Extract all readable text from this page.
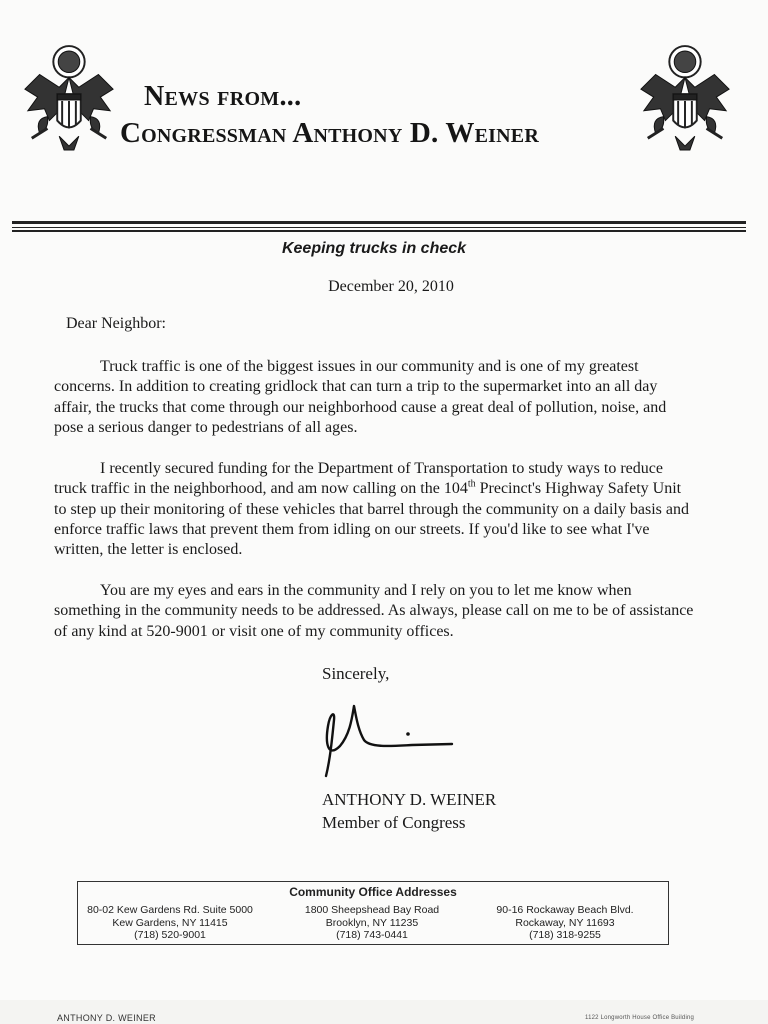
News from...
Congressman Anthony D. Weiner
Keeping trucks in check
December 20, 2010
Dear Neighbor:

Truck traffic is one of the biggest issues in our community and is one of my greatest concerns. In addition to creating gridlock that can turn a trip to the supermarket into an all day affair, the trucks that come through our neighborhood cause a great deal of pollution, noise, and pose a serious danger to pedestrians of all ages.

I recently secured funding for the Department of Transportation to study ways to reduce truck traffic in the neighborhood, and am now calling on the 104th Precinct's Highway Safety Unit to step up their monitoring of these vehicles that barrel through the community on a daily basis and enforce traffic laws that prevent them from idling on our streets. If you'd like to see what I've written, the letter is enclosed.

You are my eyes and ears in the community and I rely on you to let me know when something in the community needs to be addressed. As always, please call on me to be of assistance of any kind at 520-9001 or visit one of my community offices.

Sincerely,
ANTHONY D. WEINER
Member of Congress
Community Office Addresses
80-02 Kew Gardens Rd. Suite 5000
Kew Gardens, NY 11415
(718) 520-9001
1800 Sheepshead Bay Road
Brooklyn, NY 11235
(718) 743-0441
90-16 Rockaway Beach Blvd.
Rockaway, NY 11693
(718) 318-9255
ANTHONY D. WEINER	1122 Longworth House Office Building
